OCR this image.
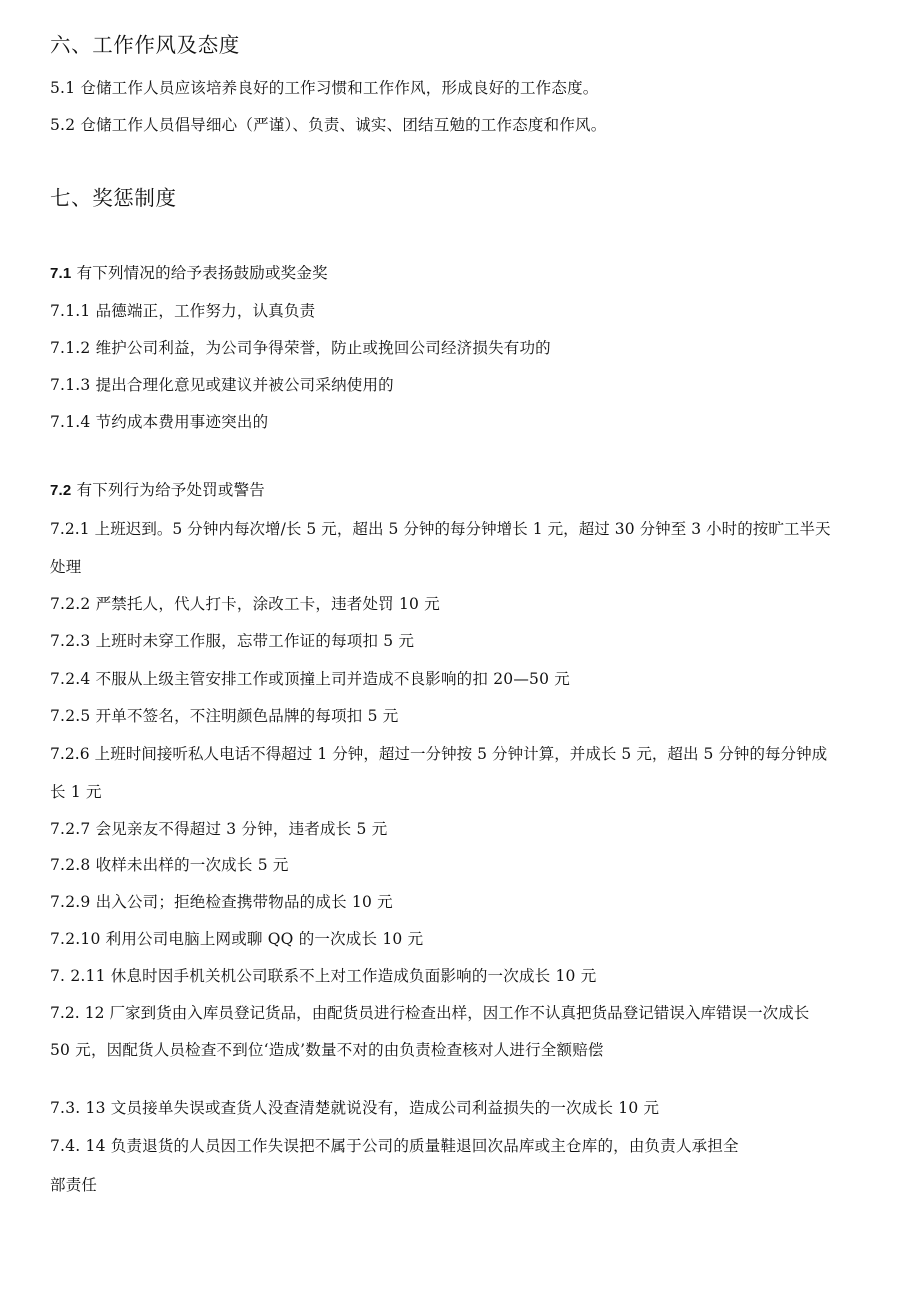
六、工作作风及态度
5.1 仓储工作人员应该培养良好的工作习惯和工作作风，形成良好的工作态度。
5.2 仓储工作人员倡导细心（严谨）、负责、诚实、团结互勉的工作态度和作风。
七、奖惩制度
7.1 有下列情况的给予表扬鼓励或奖金奖
7.1.1 品德端正，工作努力，认真负责
7.1.2 维护公司利益，为公司争得荣誉，防止或挽回公司经济损失有功的
7.1.3 提出合理化意见或建议并被公司采纳使用的
7.1.4 节约成本费用事迹突出的
7.2 有下列行为给予处罚或警告
7.2.1 上班迟到。5 分钟内每次增/长 5 元，超出 5 分钟的每分钟增长 1 元，超过 30 分钟至 3 小时的按旷工半天
处理
7.2.2 严禁托人，代人打卡，涂改工卡，违者处罚 10 元
7.2.3 上班时未穿工作服，忘带工作证的每项扣 5 元
7.2.4 不服从上级主管安排工作或顶撞上司并造成不良影响的扣 20—50 元
7.2.5 开单不签名，不注明颜色品牌的每项扣 5 元
7.2.6 上班时间接听私人电话不得超过 1 分钟，超过一分钟按 5 分钟计算，并成长 5 元，超出 5 分钟的每分钟成
长 1 元
7.2.7 会见亲友不得超过 3 分钟，违者成长 5 元
7.2.8 收样未出样的一次成长 5 元
7.2.9 出入公司；拒绝检查携带物品的成长 10 元
7.2.10 利用公司电脑上网或聊 QQ 的一次成长 10 元
7. 2.11 休息时因手机关机公司联系不上对工作造成负面影响的一次成长 10 元
7.2. 12 厂家到货由入库员登记货品，由配货员进行检查出样，因工作不认真把货品登记错误入库错误一次成长
50 元，因配货人员检查不到位‘造成’数量不对的由负责检查核对人进行全额赔偿
7.3. 13 文员接单失误或查货人没查清楚就说没有，造成公司利益损失的一次成长 10 元
7.4. 14 负责退货的人员因工作失误把不属于公司的质量鞋退回次品库或主仓库的，由负责人承担全
部责任
